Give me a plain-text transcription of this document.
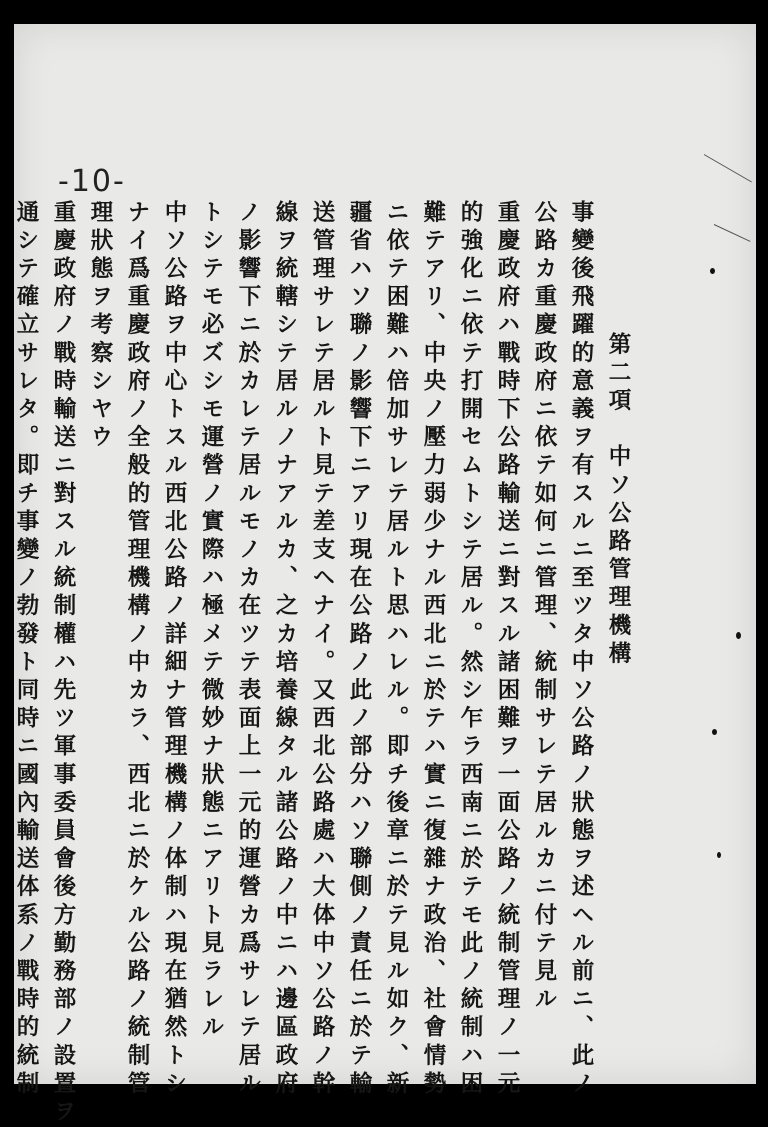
-10-
第二項　中ソ公路管理機構
事變後飛躍的意義ヲ有スルニ至ツタ中ソ公路ノ狀態ヲ述ヘル前ニ、此ノ
公路カ重慶政府ニ依テ如何ニ管理、統制サレテ居ルカニ付テ見ル
重慶政府ハ戰時下公路輸送ニ對スル諸困難ヲ一面公路ノ統制管理ノ一元
的強化ニ依テ打開セムトシテ居ル。然シ乍ラ西南ニ於テモ此ノ統制ハ困
難テアリ、中央ノ壓力弱少ナル西北ニ於テハ實ニ復雜ナ政治、社會情勢
ニ依テ困難ハ倍加サレテ居ルト思ハレル。即チ後章ニ於テ見ル如ク、新
疆省ハソ聯ノ影響下ニアリ現在公路ノ此ノ部分ハソ聯側ノ責任ニ於テ輸
送管理サレテ居ルト見テ差支ヘナイ。又西北公路處ハ大体中ソ公路ノ幹
線ヲ統轄シテ居ルノナアルカ、之カ培養線タル諸公路ノ中ニハ邊區政府
ノ影響下ニ於カレテ居ルモノカ在ツテ表面上一元的運營カ爲サレテ居ル
トシテモ必ズシモ運營ノ實際ハ極メテ微妙ナ狀態ニアリト見ラレル
中ソ公路ヲ中心トスル西北公路ノ詳細ナ管理機構ノ体制ハ現在猶然トシ
ナイ爲重慶政府ノ全般的管理機構ノ中カラ、西北ニ於ケル公路ノ統制管
理狀態ヲ考察シヤウ
重慶政府ノ戰時輸送ニ對スル統制權ハ先ツ軍事委員會後方勤務部ノ設置ヲ
通シテ確立サレタ。即チ事變ノ勃發ト同時ニ國內輸送体系ノ戰時的統制
